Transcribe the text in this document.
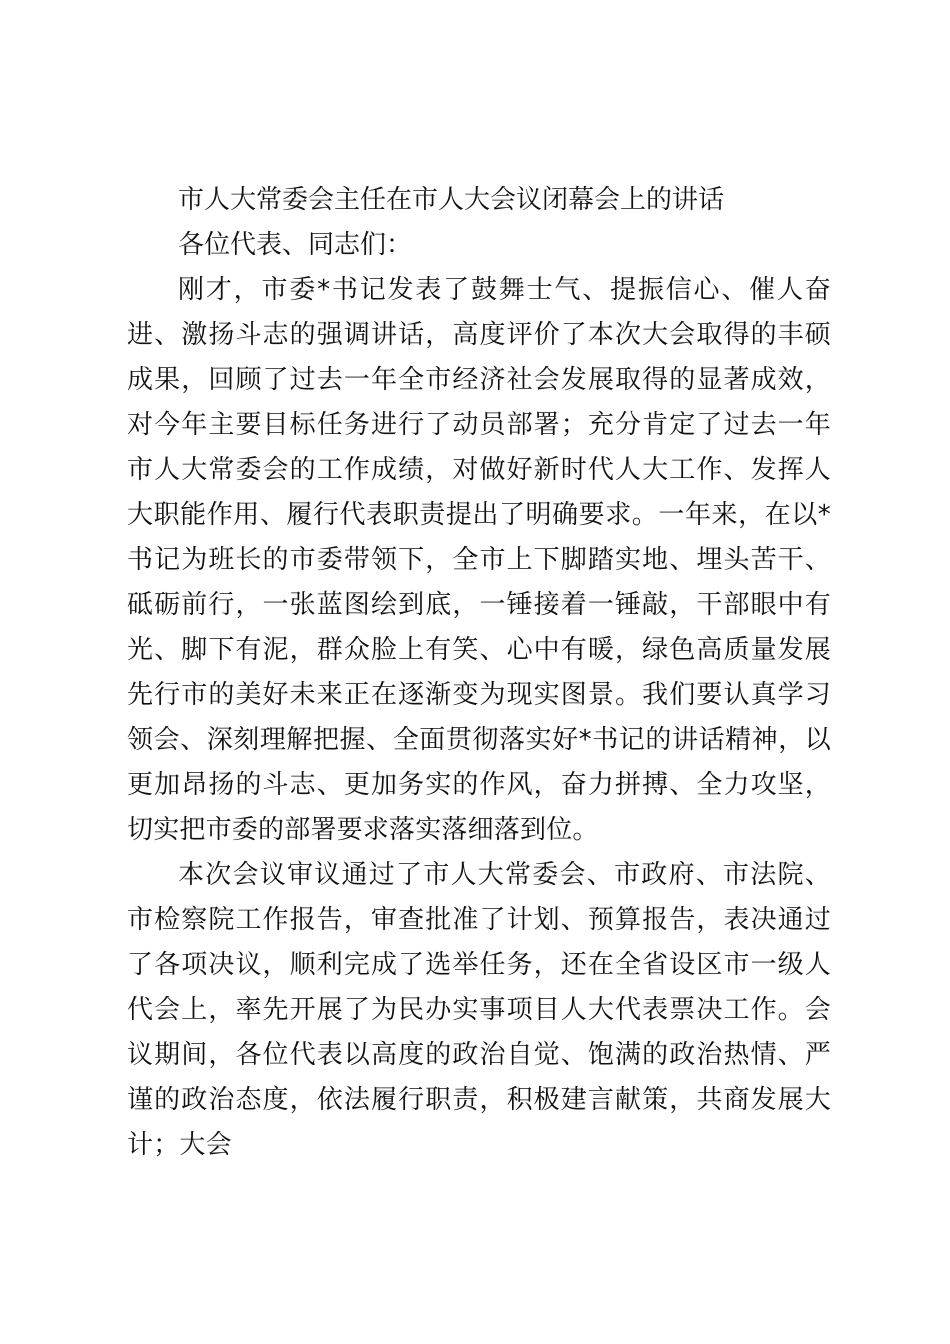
市人大常委会主任在市人大会议闭幕会上的讲话

各位代表、同志们：

刚才，市委*书记发表了鼓舞士气、提振信心、催人奋进、激扬斗志的强调讲话，高度评价了本次大会取得的丰硕成果，回顾了过去一年全市经济社会发展取得的显著成效，对今年主要目标任务进行了动员部署；充分肯定了过去一年市人大常委会的工作成绩，对做好新时代人大工作、发挥人大职能作用、履行代表职责提出了明确要求。一年来，在以*书记为班长的市委带领下，全市上下脚踏实地、埋头苦干、砥砺前行，一张蓝图绘到底，一锤接着一锤敲，干部眼中有光、脚下有泥，群众脸上有笑、心中有暖，绿色高质量发展先行市的美好未来正在逐渐变为现实图景。我们要认真学习领会、深刻理解把握、全面贯彻落实好*书记的讲话精神，以更加昂扬的斗志、更加务实的作风，奋力拼搏、全力攻坚，切实把市委的部署要求落实落细落到位。

本次会议审议通过了市人大常委会、市政府、市法院、市检察院工作报告，审查批准了计划、预算报告，表决通过了各项决议，顺利完成了选举任务，还在全省设区市一级人代会上，率先开展了为民办实事项目人大代表票决工作。会议期间，各位代表以高度的政治自觉、饱满的政治热情、严谨的政治态度，依法履行职责，积极建言献策，共商发展大计；大会
